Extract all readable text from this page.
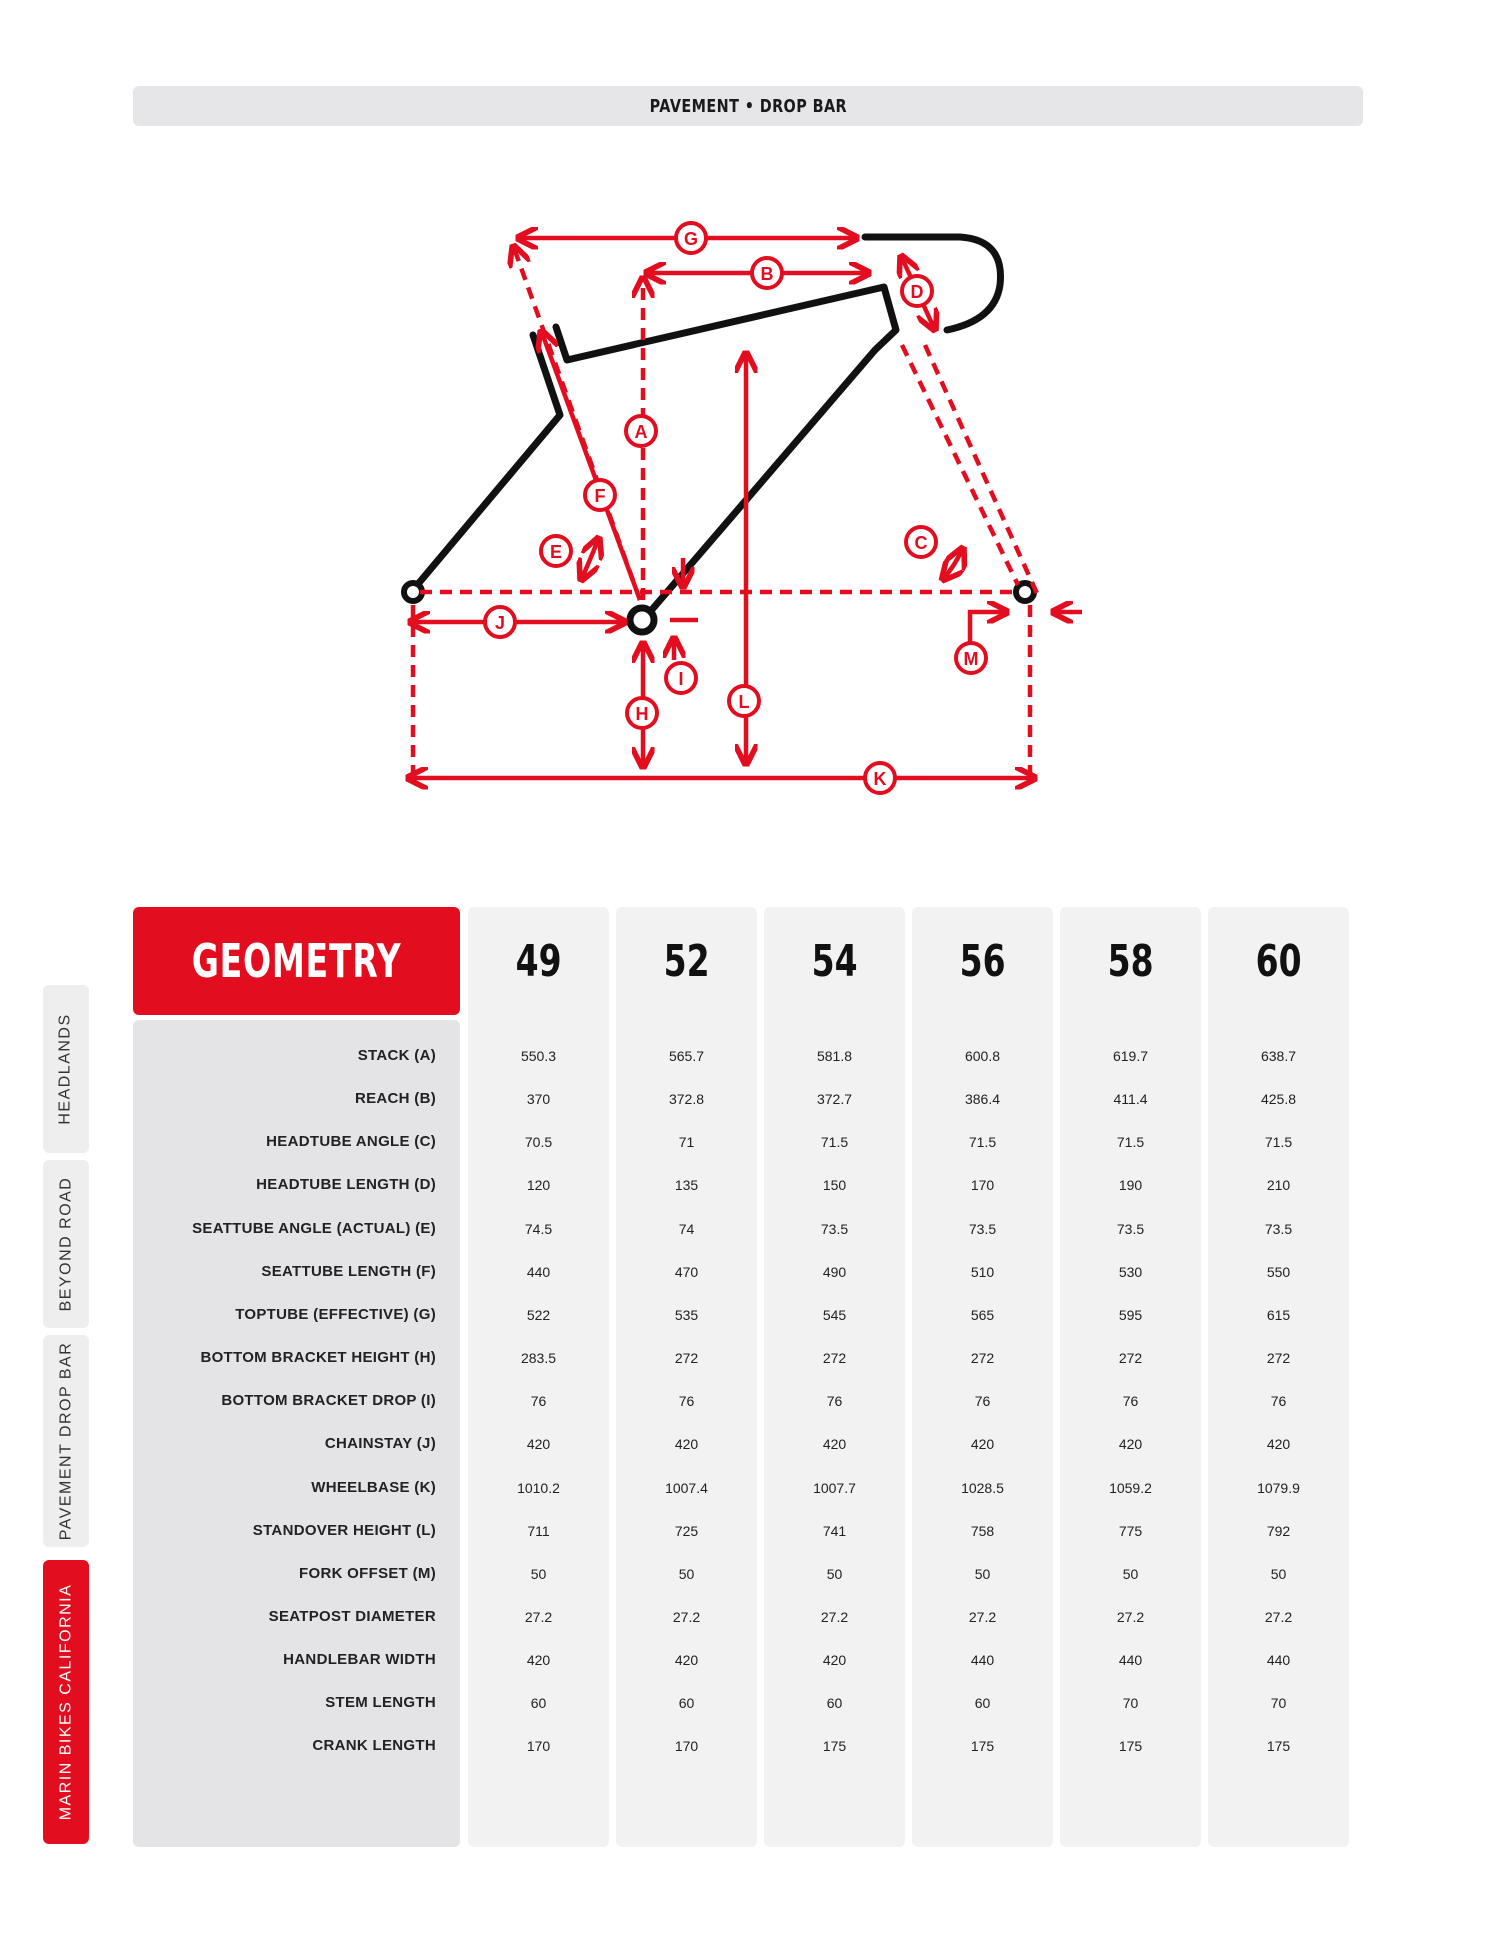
PAVEMENT • DROP BAR
A
B
C
D
E
F
G
H
I
J
K
L
M
HEADLANDS
BEYOND ROAD
PAVEMENT DROP BAR
MARIN BIKES CALIFORNIA
GEOMETRY	49 52 54 56 58 60
STACK (A)	550.3	565.7	581.8	600.8	619.7	638.7
REACH (B)	370	372.8	372.7	386.4	411.4	425.8
HEADTUBE ANGLE (C)	70.5	71	71.5	71.5	71.5	71.5
HEADTUBE LENGTH (D)	120	135	150	170	190	210
SEATTUBE ANGLE (ACTUAL) (E)	74.5	74	73.5	73.5	73.5	73.5
SEATTUBE LENGTH (F)	440	470	490	510	530	550
TOPTUBE (EFFECTIVE) (G)	522	535	545	565	595	615
BOTTOM BRACKET HEIGHT (H)	283.5	272	272	272	272	272
BOTTOM BRACKET DROP (I)	76	76	76	76	76	76
CHAINSTAY (J)	420	420	420	420	420	420
WHEELBASE (K)	1010.2	1007.4	1007.7	1028.5	1059.2	1079.9
STANDOVER HEIGHT (L)	711	725	741	758	775	792
FORK OFFSET (M)	50	50	50	50	50	50
SEATPOST DIAMETER	27.2	27.2	27.2	27.2	27.2	27.2
HANDLEBAR WIDTH	420	420	420	440	440	440
STEM LENGTH	60	60	60	60	70	70
CRANK LENGTH	170	170	175	175	175	175
